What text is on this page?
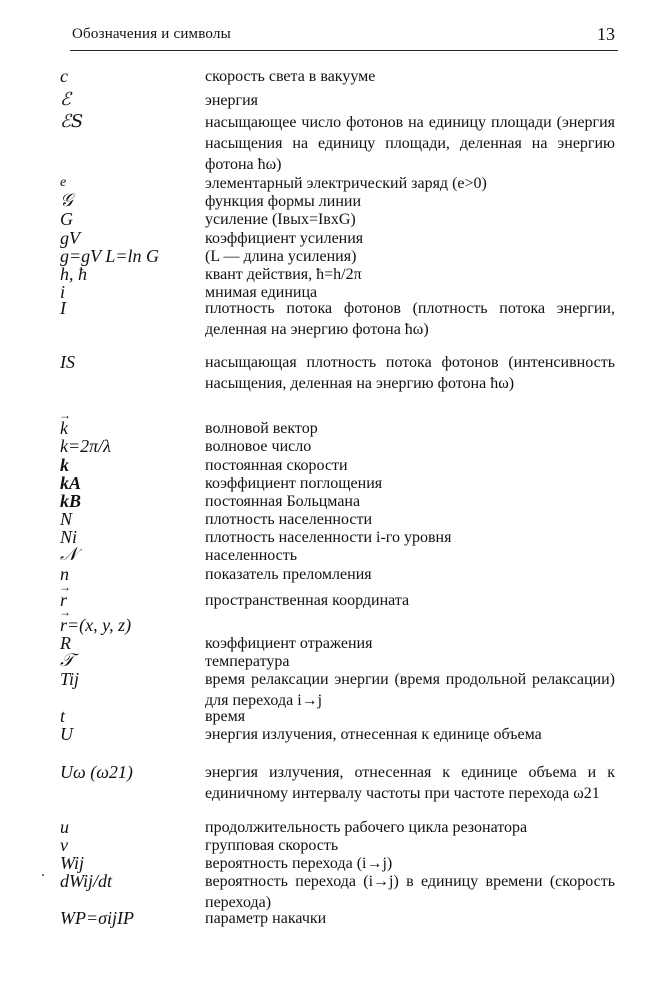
Обозначения и символы	13
c	скорость света в вакууме
ℰ	энергия
ℰS	насыщающее число фотонов на единицу площади (энергия насыщения на единицу площади, деленная на энергию фотона ħω)
e	элементарный электрический заряд (e>0)
𝒢	функция формы линии
G	усиление (Iвых=IвхG)
gV	коэффициент усиления
g=gV L=ln G	(L — длина усиления)
h, ħ	квант действия, ħ=h/2π
i	мнимая единица
I	плотность потока фотонов (плотность потока энергии, деленная на энергию фотона ħω)
IS	насыщающая плотность потока фотонов (интенсивность насыщения, деленная на энергию фотона ħω)
→ k	волновой вектор
k=2π/λ	волновое число
k	постоянная скорости
kA	коэффициент поглощения
kB	постоянная Больцмана
N	плотность населенности
Ni	плотность населенности i-го уровня
𝒩	населенность
n	показатель преломления
→ r	пространственная координата
→ r=(x, y, z)
R	коэффициент отражения
𝒯	температура
Tij	время релаксации энергии (время продольной релаксации) для перехода i→j
t	время
U	энергия излучения, отнесенная к единице объема
Uω (ω21)	энергия излучения, отнесенная к единице объема и к единичному интервалу частоты при частоте перехода ω21
u	продолжительность рабочего цикла резонатора
v	групповая скорость
Wij	вероятность перехода (i→j)
dWij/dt	вероятность перехода (i→j) в единицу времени (скорость перехода)
WP=σijIP	параметр накачки
